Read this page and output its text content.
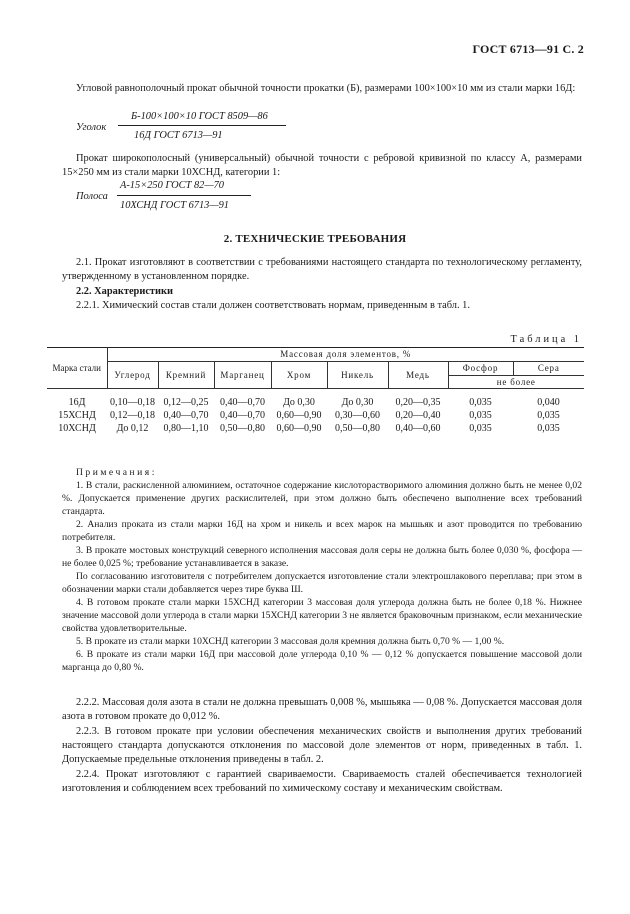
ГОСТ 6713—91 С. 2
Угловой равнополочный прокат обычной точности прокатки (Б), размерами 100×100×10 мм из стали марки 16Д:
Уголок
Б-100×100×10 ГОСТ 8509—86
16Д ГОСТ 6713—91
Прокат широкополосный (универсальный) обычной точности с ребровой кривизной по классу А, размерами 15×250 мм из стали марки 10ХСНД, категории 1:
Полоса
А-15×250 ГОСТ 82—70
10ХСНД ГОСТ 6713—91
2. ТЕХНИЧЕСКИЕ ТРЕБОВАНИЯ
2.1. Прокат изготовляют в соответствии с требованиями настоящего стандарта по технологическому регламенту, утвержденному в установленном порядке.
2.2. Характеристики
2.2.1. Химический состав стали должен соответствовать нормам, приведенным в табл. 1.
Таблица 1
Марка стали	Массовая доля элементов, %							
	Углерод	Кремний	Марганец	Хром	Никель	Медь	Фосфор	Сера
							не более	
16Д	0,10—0,18	0,12—0,25	0,40—0,70	До 0,30	До 0,30	0,20—0,35	0,035	0,040
15ХСНД	0,12—0,18	0,40—0,70	0,40—0,70	0,60—0,90	0,30—0,60	0,20—0,40	0,035	0,035
10ХСНД	До 0,12	0,80—1,10	0,50—0,80	0,60—0,90	0,50—0,80	0,40—0,60	0,035	0,035

Примечания:

1. В стали, раскисленной алюминием, остаточное содержание кислоторастворимого алюминия должно быть не менее 0,02 %. Допускается применение других раскислителей, при этом должно быть обеспечено выполнение всех требований стандарта.

2. Анализ проката из стали марки 16Д на хром и никель и всех марок на мышьяк и азот проводится по требованию потребителя.

3. В прокате мостовых конструкций северного исполнения массовая доля серы не должна быть более 0,030 %, фосфора — не более 0,025 %; требование устанавливается в заказе.

По согласованию изготовителя с потребителем допускается изготовление стали электрошлакового переплава; при этом в обозначении марки стали добавляется через тире буква Ш.

4. В готовом прокате стали марки 15ХСНД категории 3 массовая доля углерода должна быть не более 0,18 %. Нижнее значение массовой доли углерода в стали марки 15ХСНД категории 3 не является браковочным признаком, если механические свойства удовлетворительные.

5. В прокате из стали марки 10ХСНД категории 3 массовая доля кремния должна быть 0,70 % — 1,00 %.

6. В прокате из стали марки 16Д при массовой доле углерода 0,10 % — 0,12 % допускается повышение массовой доли марганца до 0,80 %.

2.2.2. Массовая доля азота в стали не должна превышать 0,008 %, мышьяка — 0,08 %. Допускается массовая доля азота в готовом прокате до 0,012 %.
2.2.3. В готовом прокате при условии обеспечения механических свойств и выполнения других требований настоящего стандарта допускаются отклонения по массовой доле элементов от норм, приведенных в табл. 1. Допускаемые предельные отклонения приведены в табл. 2.
2.2.4. Прокат изготовляют с гарантией свариваемости. Свариваемость сталей обеспечивается технологией изготовления и соблюдением всех требований по химическому составу и механическим свойствам.
